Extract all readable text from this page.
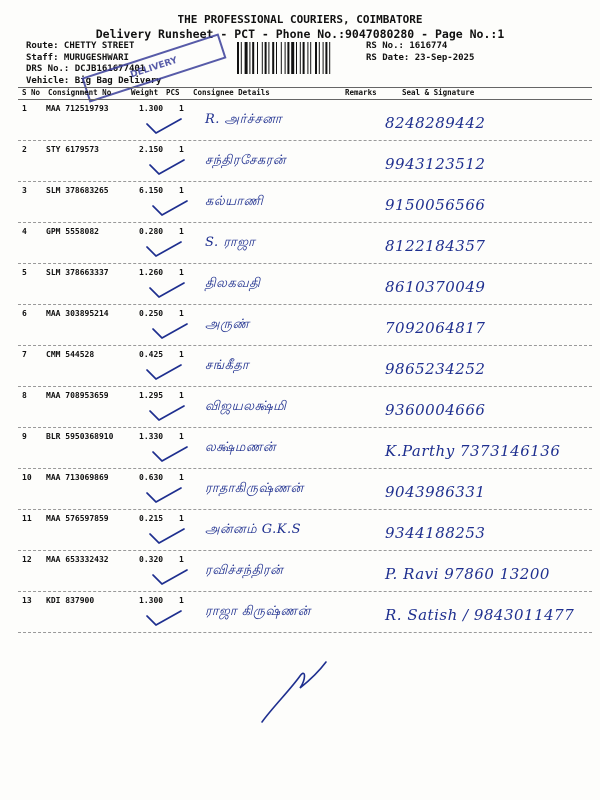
THE PROFESSIONAL COURIERS, COIMBATORE
Delivery Runsheet - PCT - Phone No.:9047080280 - Page No.:1
Route: CHETTY STREET
Staff: MURUGESHWARI
DRS No.: DCJB161677401
Vehicle: Big Bag Delivery
RS No.: 1616774
RS Date: 23-Sep-2025
DELIVERY
S No Consignment No	Weight PCS Consignee Details	Remarks	Seal & Signature
1 MAA 712519793	1.300 1
R. அர்ச்சனா	8248289442
2 STY 6179573	2.150 1
சந்திரசேகரன்	9943123512
3 SLM 378683265	6.150 1
கல்யாணி	9150056566
4 GPM 5558082	0.280 1
S. ராஜா	8122184357
5 SLM 378663337	1.260 1
திலகவதி	8610370049
6 MAA 303895214	0.250 1
அருண்	7092064817
7 CMM 544528	0.425 1
சங்கீதா	9865234252
8 MAA 708953659	1.295 1
விஜயலக்ஷ்மி	9360004666
9 BLR 5950368910	1.330 1
லக்ஷ்மணன்	K.Parthy 7373146136
10 MAA 713069869	0.630 1
ராதாகிருஷ்ணன்	9043986331
11 MAA 576597859	0.215 1
அன்னம் G.K.S	9344188253
12 MAA 653332432	0.320 1
ரவிச்சந்திரன்	P. Ravi 97860 13200
13 KDI 837900	1.300 1
ராஜா கிருஷ்ணன்	R. Satish / 9843011477
